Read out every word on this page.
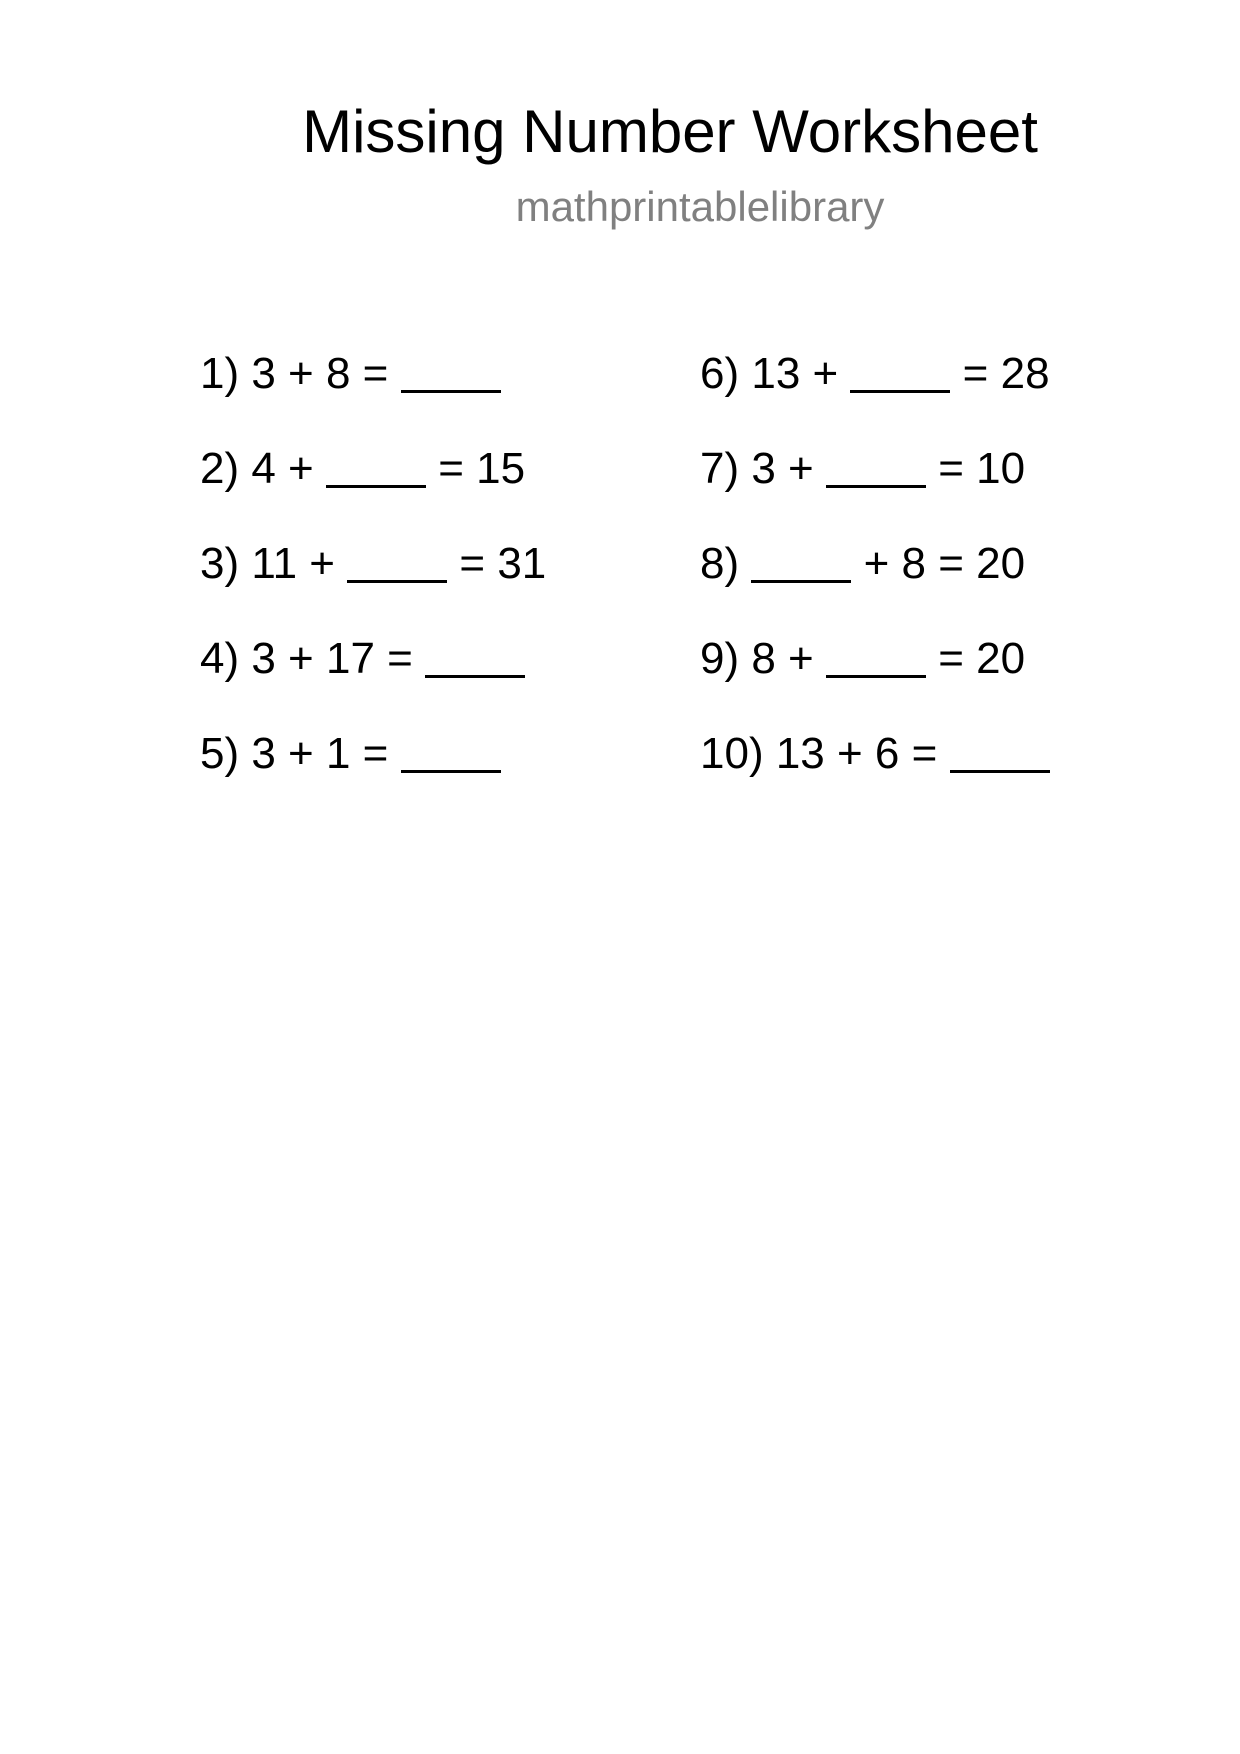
Missing Number Worksheet
mathprintablelibrary
1) 3 + 8 =
2) 4 +  = 15
3) 11 +  = 31
4) 3 + 17 =
5) 3 + 1 =
6) 13 +  = 28
7) 3 +  = 10
8)	+ 8 = 20
9) 8 +  = 20
10) 13 + 6 =
